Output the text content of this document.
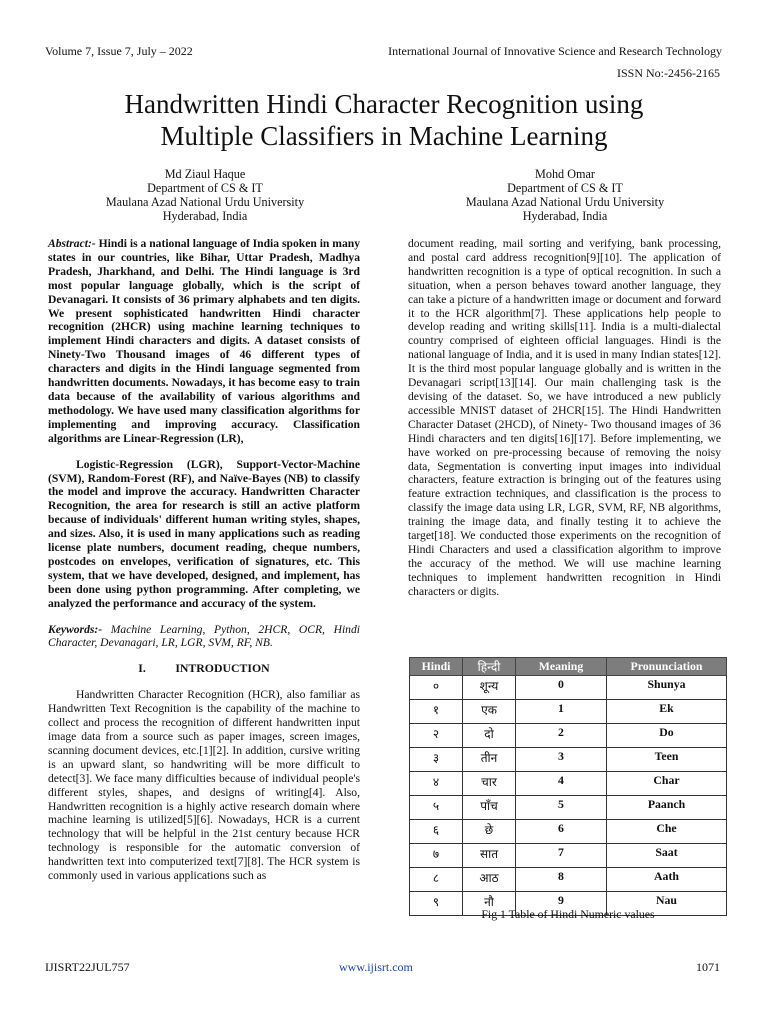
Volume 7, Issue 7, July – 2022	International Journal of Innovative Science and Research Technology
ISSN No:-2456-2165
Handwritten Hindi Character Recognition using
Multiple Classifiers in Machine Learning
Md Ziaul Haque
Department of CS & IT
Maulana Azad National Urdu University
Hyderabad, India
Mohd Omar
Department of CS & IT
Maulana Azad National Urdu University
Hyderabad, India

Abstract:- Hindi is a national language of India spoken in many states in our countries, like Bihar, Uttar Pradesh, Madhya Pradesh, Jharkhand, and Delhi. The Hindi language is 3rd most popular language globally, which is the script of Devanagari. It consists of 36 primary alphabets and ten digits. We present sophisticated handwritten Hindi character recognition (2HCR) using machine learning techniques to implement Hindi characters and digits. A dataset consists of Ninety-Two Thousand images of 46 different types of characters and digits in the Hindi language segmented from handwritten documents. Nowadays, it has become easy to train data because of the availability of various algorithms and methodology. We have used many classification algorithms for implementing and improving accuracy. Classification algorithms are Linear-Regression (LR),

Logistic-Regression (LGR), Support-Vector-Machine (SVM), Random-Forest (RF), and Naïve-Bayes (NB) to classify the model and improve the accuracy. Handwritten Character Recognition, the area for research is still an active platform because of individuals' different human writing styles, shapes, and sizes. Also, it is used in many applications such as reading license plate numbers, document reading, cheque numbers, postcodes on envelopes, verification of signatures, etc. This system, that we have developed, designed, and implement, has been done using python programming. After completing, we analyzed the performance and accuracy of the system.

Keywords:- Machine Learning, Python, 2HCR, OCR, Hindi Character, Devanagari, LR, LGR, SVM, RF, NB.

I.          INTRODUCTION

Handwritten Character Recognition (HCR), also familiar as Handwritten Text Recognition is the capability of the machine to collect and process the recognition of different handwritten input image data from a source such as paper images, screen images, scanning document devices, etc.[1][2]. In addition, cursive writing is an upward slant, so handwriting will be more difficult to detect[3]. We face many difficulties because of individual people's different styles, shapes, and designs of writing[4]. Also, Handwritten recognition is a highly active research domain where machine learning is utilized[5][6]. Nowadays, HCR is a current technology that will be helpful in the 21st century because HCR technology is responsible for the automatic conversion of handwritten text into computerized text[7][8]. The HCR system is commonly used in various applications such as

document reading, mail sorting and verifying, bank processing, and postal card address recognition[9][10]. The application of handwritten recognition is a type of optical recognition. In such a situation, when a person behaves toward another language, they can take a picture of a handwritten image or document and forward it to the HCR algorithm[7]. These applications help people to develop reading and writing skills[11]. India is a multi-dialectal country comprised of eighteen official languages. Hindi is the national language of India, and it is used in many Indian states[12]. It is the third most popular language globally and is written in the Devanagari script[13][14]. Our main challenging task is the devising of the dataset. So, we have introduced a new publicly accessible MNIST dataset of 2HCR[15]. The Hindi Handwritten Character Dataset (2HCD), of Ninety- Two thousand images of 36 Hindi characters and ten digits[16][17]. Before implementing, we have worked on pre-processing because of removing the noisy data, Segmentation is converting input images into individual characters, feature extraction is bringing out of the features using feature extraction techniques, and classification is the process to classify the image data using LR, LGR, SVM, RF, NB algorithms, training the image data, and finally testing it to achieve the target[18]. We conducted those experiments on the recognition of Hindi Characters and used a classification algorithm to improve the accuracy of the method. We will use machine learning techniques to implement handwritten recognition in Hindi characters or digits.

Hindi	हिन्दी	Meaning	Pronunciation
०	शून्य	0	Shunya
१	एक	1	Ek
२	दो	2	Do
३	तीन	3	Teen
४	चार	4	Char
५	पाँच	5	Paanch
६	छे	6	Che
७	सात	7	Saat
८	आठ	8	Aath
९	नौ	9	Nau
Fig 1 Table of Hindi Numeric values
IJISRT22JUL757	www.ijisrt.com	1071
